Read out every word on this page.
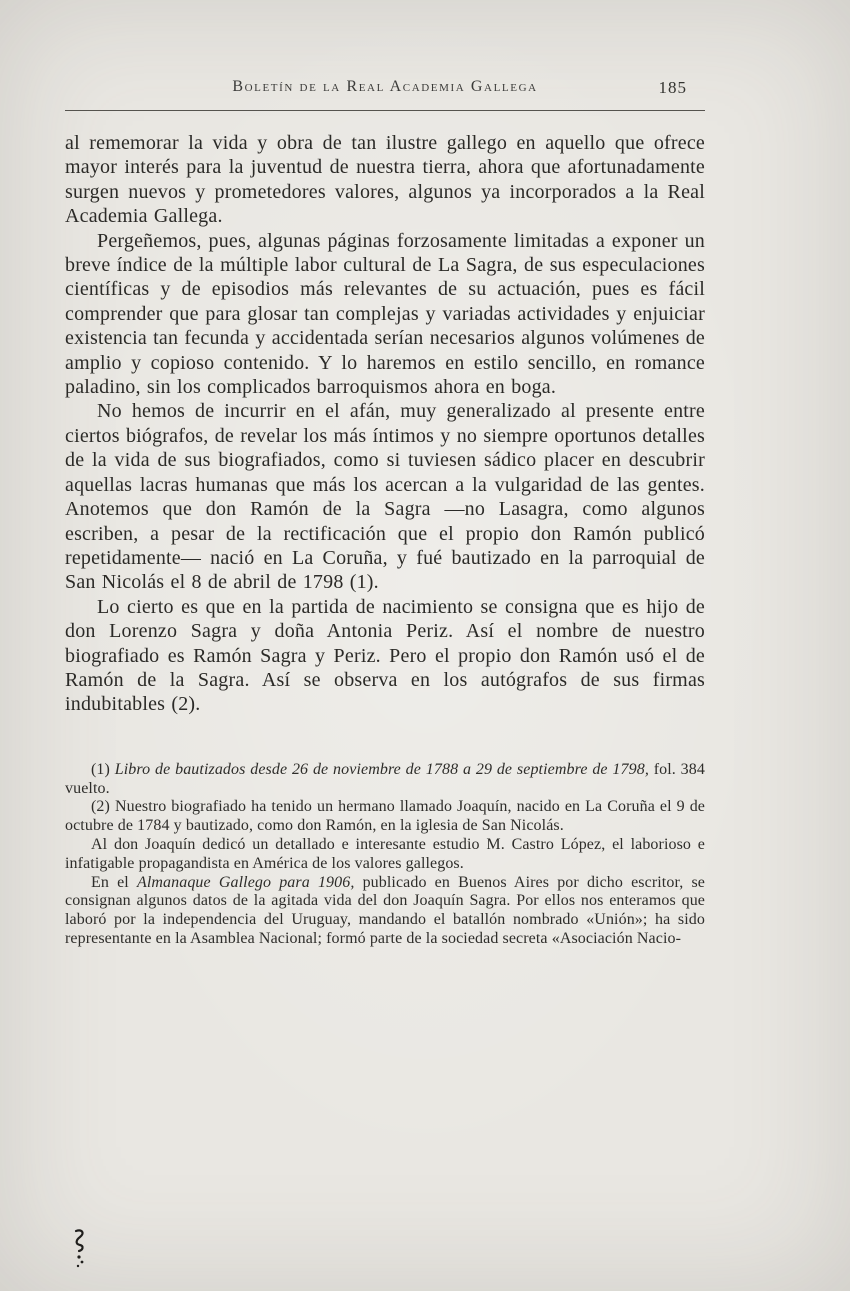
Boletín de la Real Academia Gallega	185

al rememorar la vida y obra de tan ilustre gallego en aquello que ofrece mayor interés para la juventud de nuestra tierra, ahora que afortunadamente surgen nuevos y prometedores valores, algunos ya incorporados a la Real Academia Gallega.

Pergeñemos, pues, algunas páginas forzosamente limitadas a exponer un breve índice de la múltiple labor cultural de La Sagra, de sus especulaciones científicas y de episodios más relevantes de su actuación, pues es fácil comprender que para glosar tan complejas y variadas actividades y enjuiciar existencia tan fecunda y accidentada serían necesarios algunos volúmenes de amplio y copioso contenido. Y lo haremos en estilo sencillo, en romance paladino, sin los complicados barroquismos ahora en boga.

No hemos de incurrir en el afán, muy generalizado al presente entre ciertos biógrafos, de revelar los más íntimos y no siempre oportunos detalles de la vida de sus biografiados, como si tuviesen sádico placer en descubrir aquellas lacras humanas que más los acercan a la vulgaridad de las gentes. Anotemos que don Ramón de la Sagra —no Lasagra, como algunos escriben, a pesar de la rectificación que el propio don Ramón publicó repetidamente— nació en La Coruña, y fué bautizado en la parroquial de San Nicolás el 8 de abril de 1798 (1).

Lo cierto es que en la partida de nacimiento se consigna que es hijo de don Lorenzo Sagra y doña Antonia Periz. Así el nombre de nuestro biografiado es Ramón Sagra y Periz. Pero el propio don Ramón usó el de Ramón de la Sagra. Así se observa en los autógrafos de sus firmas indubitables (2).

(1) Libro de bautizados desde 26 de noviembre de 1788 a 29 de septiembre de 1798, fol. 384 vuelto.

(2) Nuestro biografiado ha tenido un hermano llamado Joaquín, nacido en La Coruña el 9 de octubre de 1784 y bautizado, como don Ramón, en la iglesia de San Nicolás.

Al don Joaquín dedicó un detallado e interesante estudio M. Castro López, el laborioso e infatigable propagandista en América de los valores gallegos.

En el Almanaque Gallego para 1906, publicado en Buenos Aires por dicho escritor, se consignan algunos datos de la agitada vida del don Joaquín Sagra. Por ellos nos enteramos que laboró por la independencia del Uruguay, mandando el batallón nombrado «Unión»; ha sido representante en la Asamblea Nacional; formó parte de la sociedad secreta «Asociación Nacio-
